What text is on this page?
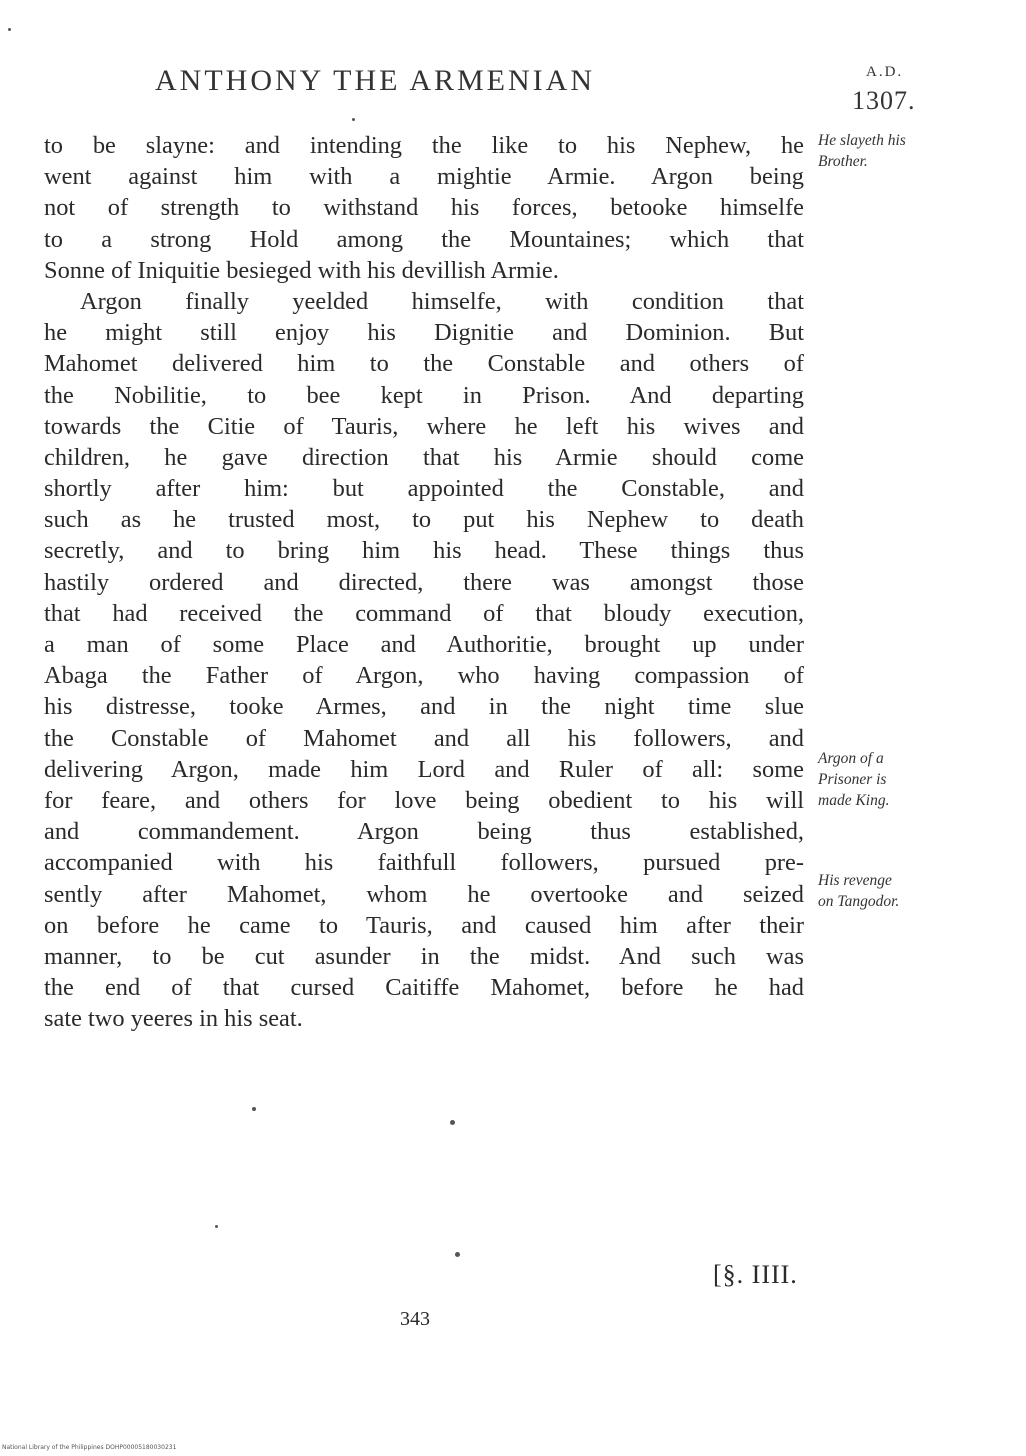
ANTHONY THE ARMENIAN	A.D.
1307.
to be slayne: and intending the like to his Nephew, he
went against him with a mightie Armie. Argon being
not of strength to withstand his forces, betooke himselfe
to a strong Hold among the Mountaines; which that
Sonne of Iniquitie besieged with his devillish Armie.
Argon finally yeelded himselfe, with condition that
he might still enjoy his Dignitie and Dominion. But
Mahomet delivered him to the Constable and others of
the Nobilitie, to bee kept in Prison. And departing
towards the Citie of Tauris, where he left his wives and
children, he gave direction that his Armie should come
shortly after him: but appointed the Constable, and
such as he trusted most, to put his Nephew to death
secretly, and to bring him his head. These things thus
hastily ordered and directed, there was amongst those
that had received the command of that bloudy execution,
a man of some Place and Authoritie, brought up under
Abaga the Father of Argon, who having compassion of
his distresse, tooke Armes, and in the night time slue
the Constable of Mahomet and all his followers, and
delivering Argon, made him Lord and Ruler of all: some
for feare, and others for love being obedient to his will
and commandement. Argon being thus established,
accompanied with his faithfull followers, pursued pre-
sently after Mahomet, whom he overtooke and seized
on before he came to Tauris, and caused him after their
manner, to be cut asunder in the midst. And such was
the end of that cursed Caitiffe Mahomet, before he had
sate two yeeres in his seat.
He slayeth his
Brother.
Argon of a
Prisoner is
made King.
His revenge
on Tangodor.
[§. IIII.
343
National Library of the Philippines DOHP00005180030231
